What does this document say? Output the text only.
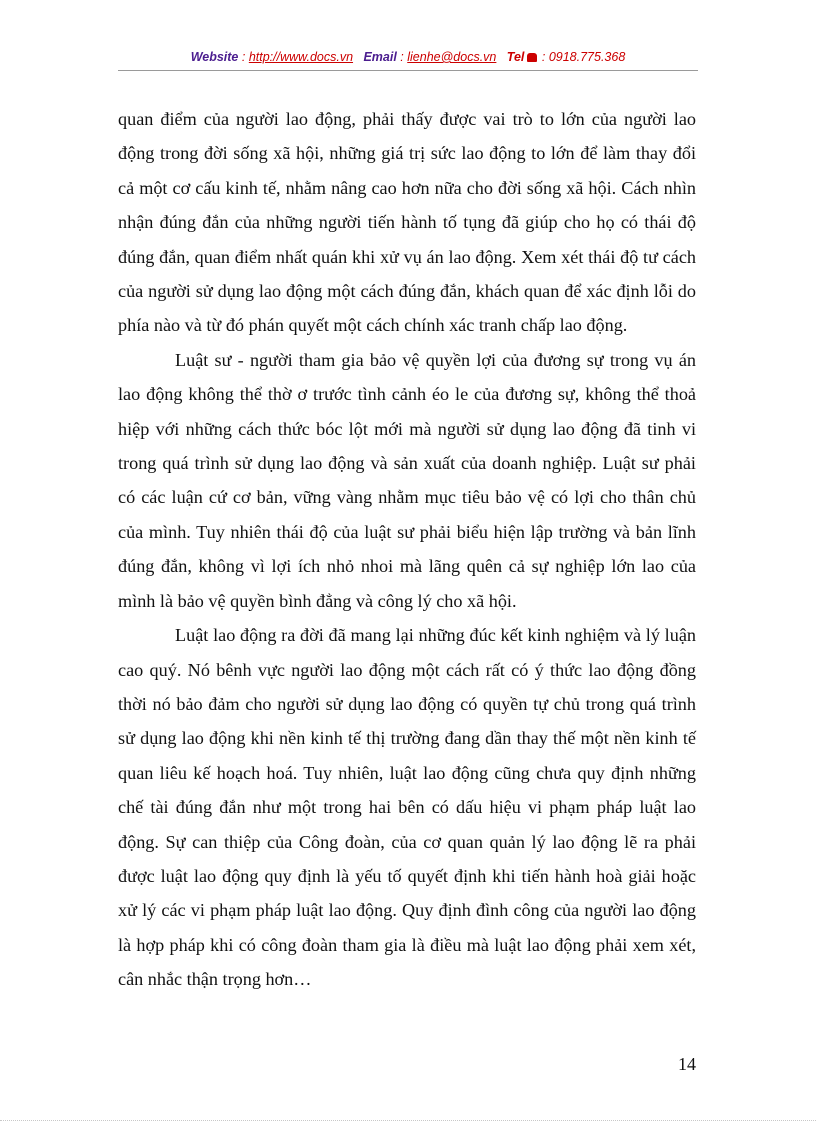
Website : http://www.docs.vn Email : lienhe@docs.vn Tel : 0918.775.368

quan điểm của người lao động, phải thấy được vai trò to lớn của người lao động trong đời sống xã hội, những giá trị sức lao động to lớn để làm thay đổi cả một cơ cấu kinh tế, nhằm nâng cao hơn nữa cho đời sống xã hội. Cách nhìn nhận đúng đắn của những người tiến hành tố tụng đã giúp cho họ có thái độ đúng đắn, quan điểm nhất quán khi xử vụ án lao động. Xem xét thái độ tư cách của người sử dụng lao động một cách đúng đắn, khách quan để xác định lỗi do phía nào và từ đó phán quyết một cách chính xác tranh chấp lao động.

Luật sư - người tham gia bảo vệ quyền lợi của đương sự trong vụ án lao động không thể thờ ơ trước tình cảnh éo le của đương sự, không thể thoả hiệp với những cách thức bóc lột mới mà người sử dụng lao động đã tinh vi trong quá trình sử dụng lao động và sản xuất của doanh nghiệp. Luật sư phải có các luận cứ cơ bản, vững vàng nhằm mục tiêu bảo vệ có lợi cho thân chủ của mình. Tuy nhiên thái độ của luật sư phải biểu hiện lập trường và bản lĩnh đúng đắn, không vì lợi ích nhỏ nhoi mà lãng quên cả sự nghiệp lớn lao của mình là bảo vệ quyền bình đẳng và công lý cho xã hội.

Luật lao động ra đời đã mang lại những đúc kết kinh nghiệm và lý luận cao quý. Nó bênh vực người lao động một cách rất có ý thức lao động đồng thời nó bảo đảm cho người sử dụng lao động có quyền tự chủ trong quá trình sử dụng lao động khi nền kinh tế thị trường đang dần thay thế một nền kinh tế quan liêu kế hoạch hoá. Tuy nhiên, luật lao động cũng chưa quy định những chế tài đúng đắn như một trong hai bên có dấu hiệu vi phạm pháp luật lao động. Sự can thiệp của Công đoàn, của cơ quan quản lý lao động lẽ ra phải được luật lao động quy định là yếu tố quyết định khi tiến hành hoà giải hoặc xử lý các vi phạm pháp luật lao động. Quy định đình công của người lao động là hợp pháp khi có công đoàn tham gia là điều mà luật lao động phải xem xét, cân nhắc thận trọng hơn…

14
